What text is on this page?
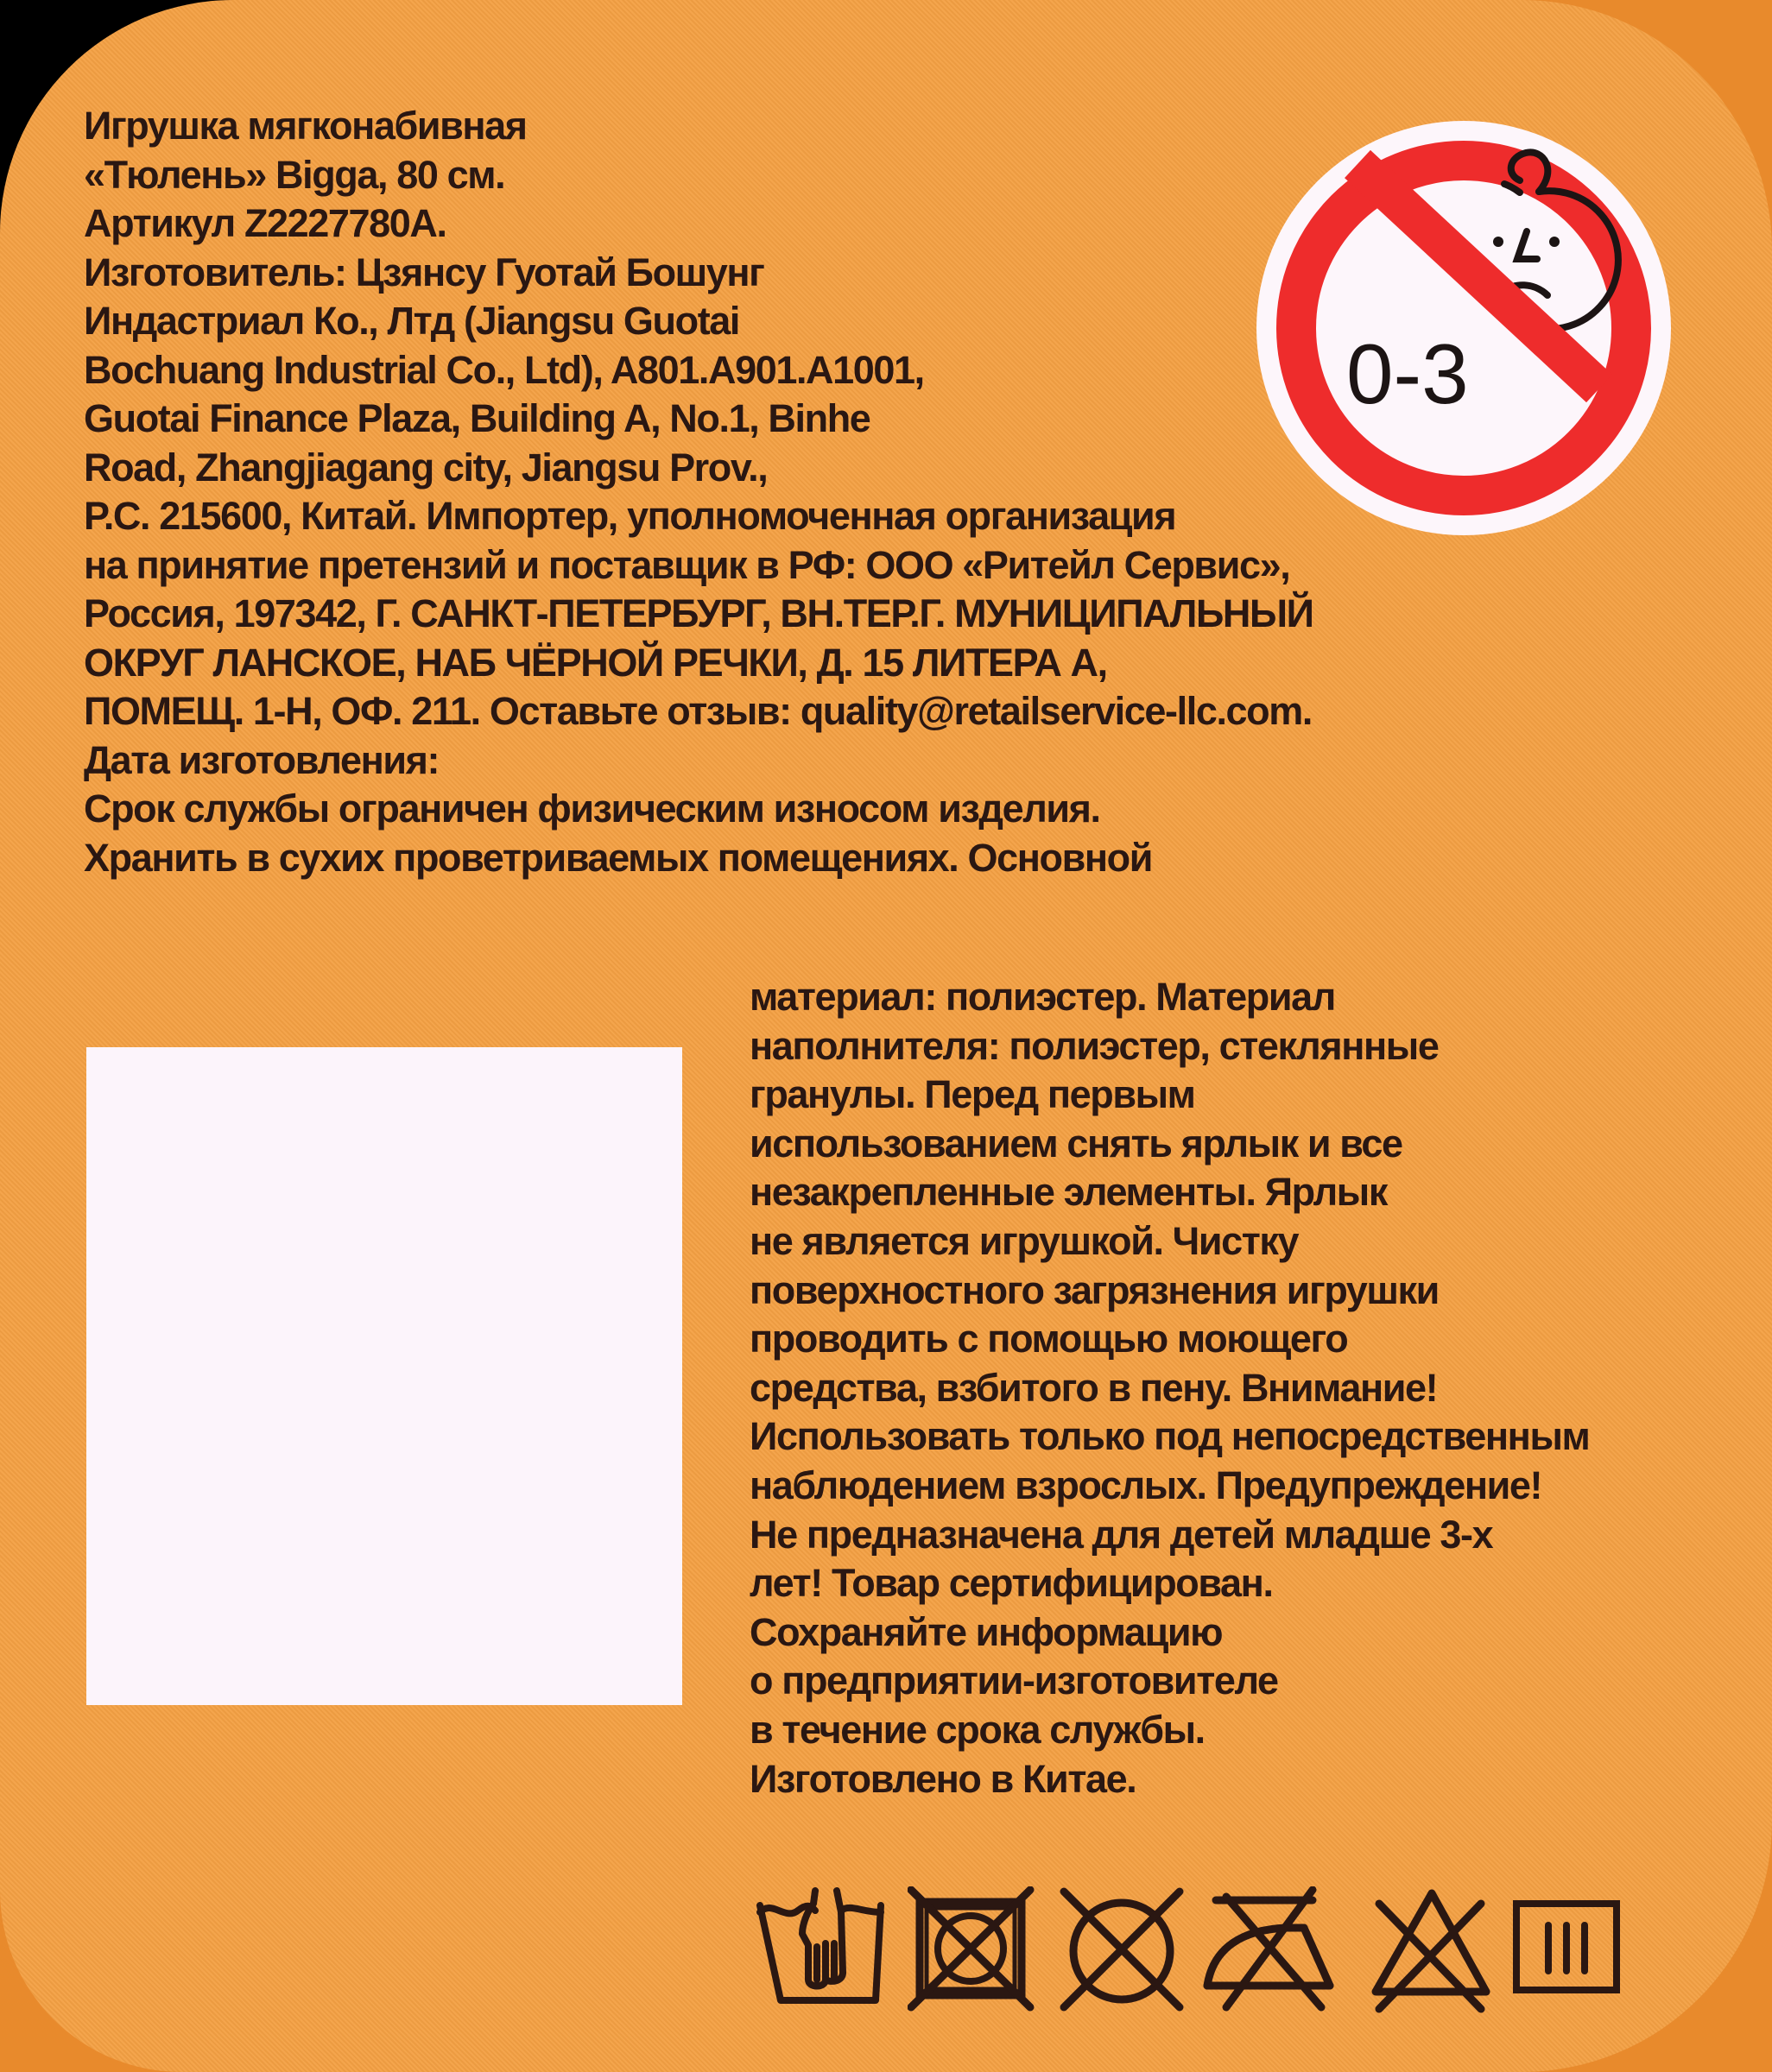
Игрушка мягконабивная
«Тюлень» Bigga, 80 см.
Артикул Z2227780A.
Изготовитель: Цзянсу Гуотай Бошунг
Индастриал Ко., Лтд (Jiangsu Guotai
Bochuang Industrial Co., Ltd), A801.A901.A1001,
Guotai Finance Plaza, Building A, No.1, Binhe
Road, Zhangjiagang city, Jiangsu Prov.,
P.C. 215600, Китай. Импортер, уполномоченная организация
на принятие претензий и поставщик в РФ: ООО «Ритейл Сервис»,
Россия, 197342, Г. САНКТ-ПЕТЕРБУРГ, ВН.ТЕР.Г. МУНИЦИПАЛЬНЫЙ
ОКРУГ ЛАНСКОЕ, НАБ ЧЁРНОЙ РЕЧКИ, Д. 15 ЛИТЕРА А,
ПОМЕЩ. 1-Н, ОФ. 211. Оставьте отзыв: quality@retailservice-llc.com.
Дата изготовления:
Срок службы ограничен физическим износом изделия.
Хранить в сухих проветриваемых помещениях. Основной
0-3
материал: полиэстер. Материал
наполнителя: полиэстер, стеклянные
гранулы. Перед первым
использованием снять ярлык и все
незакрепленные элементы. Ярлык
не является игрушкой. Чистку
поверхностного загрязнения игрушки
проводить с помощью моющего
средства, взбитого в пену. Внимание!
Использовать только под непосредственным
наблюдением взрослых. Предупреждение!
Не предназначена для детей младше 3-х
лет! Товар сертифицирован.
Сохраняйте информацию
о предприятии-изготовителе
в течение срока службы.
Изготовлено в Китае.
